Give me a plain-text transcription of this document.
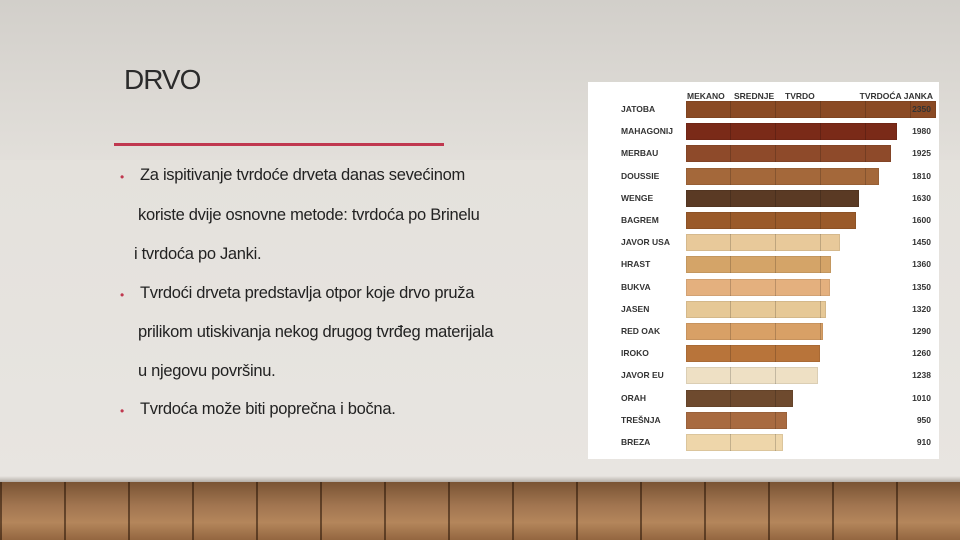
DRVO
• Za ispitivanje tvrdoće drveta danas sevećinom
koriste dvije osnovne metode: tvrdoća po Brinelu
i tvrdoća po Janki.
• Tvrdoći drveta predstavlja otpor koje drvo pruža
prilikom utiskivanja nekog drugog tvrđeg materijala
u njegovu površinu.
• Tvrdoća može biti poprečna i bočna.
MEKANO SREDNJE TVRDO	TVRDOĆA JANKA
JATOBA	2350
MAHAGONIJ	1980
MERBAU	1925
DOUSSIE	1810
WENGE	1630
BAGREM	1600
JAVOR USA	1450
HRAST	1360
BUKVA	1350
JASEN	1320
RED OAK	1290
IROKO	1260
JAVOR EU	1238
ORAH	1010
TREŠNJA	950
BREZA	910
